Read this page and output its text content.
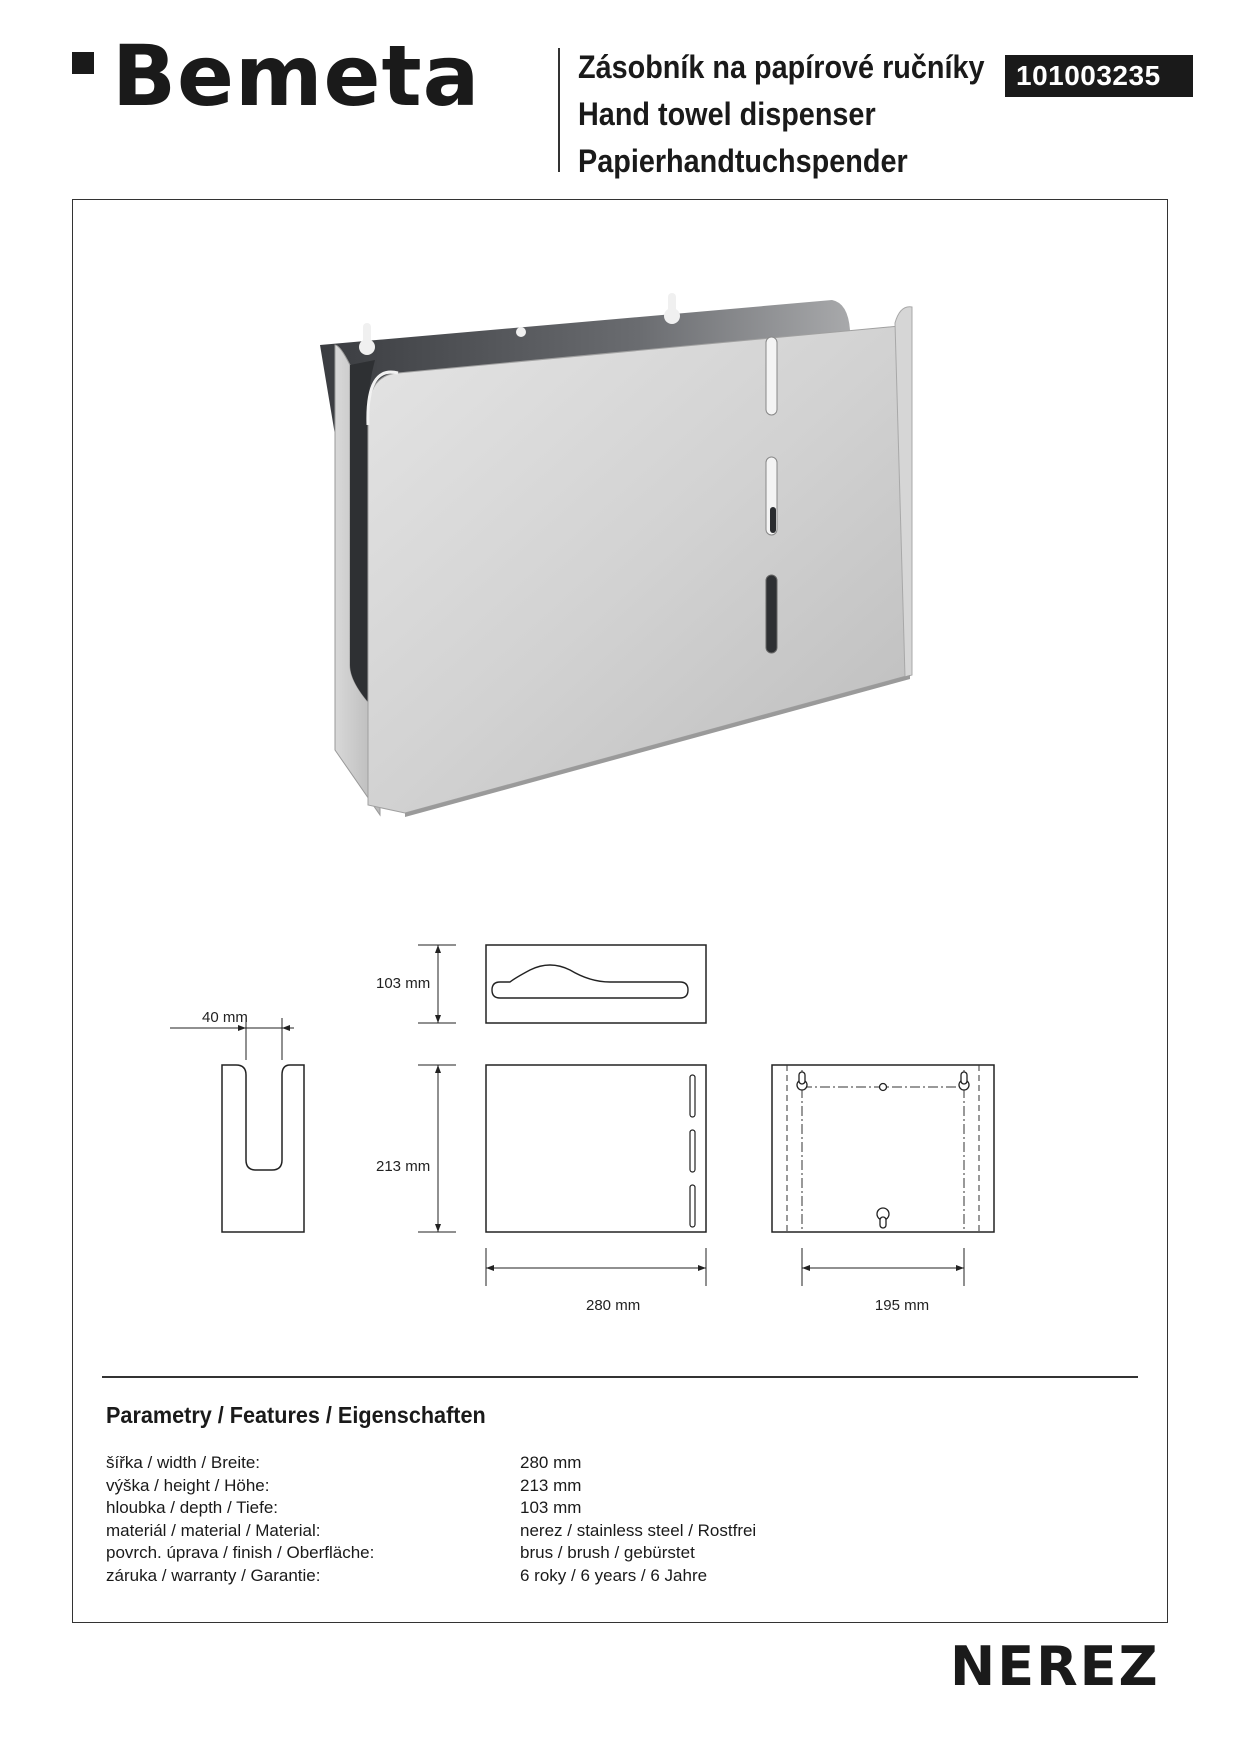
Bemeta	Zásobník na papírové ručníky
Hand towel dispenser
Papierhandtuchspender
101003235
103 mm
213 mm
280 mm	195 mm
40 mm
Parametry / Features / Eigenschaften
šířka / width / Breite:	280 mm
výška / height / Höhe:	213 mm
hloubka / depth / Tiefe:	103 mm
materiál / material / Material:	nerez / stainless steel / Rostfrei
povrch. úprava / finish / Oberfläche:	brus / brush / gebürstet
záruka / warranty / Garantie:	6 roky / 6 years / 6 Jahre
NEREZ
